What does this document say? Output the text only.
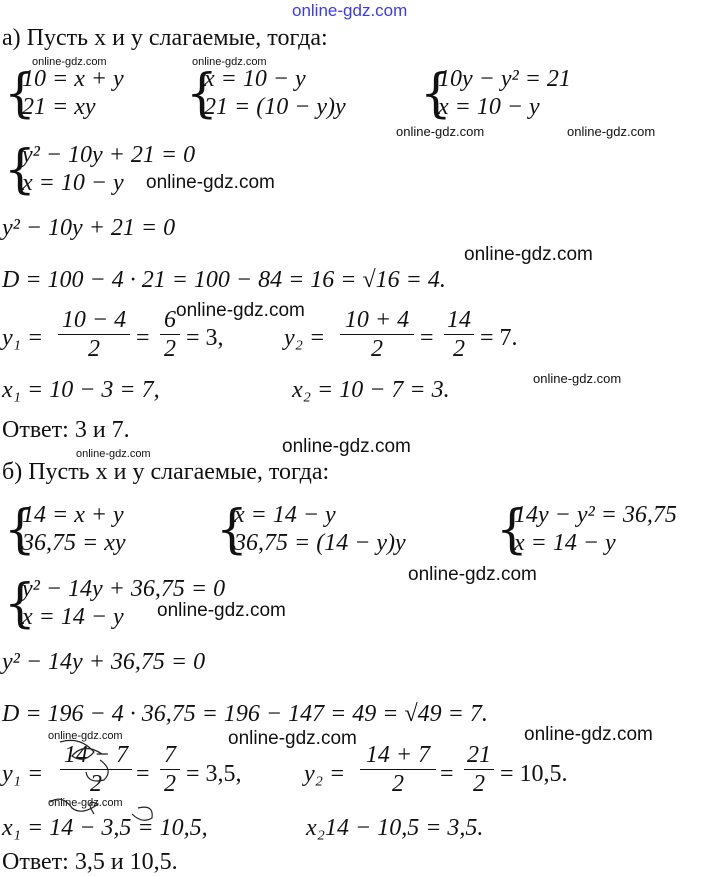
online-gdz.com
а) Пусть x и y слагаемые, тогда:
{
10 = x + y
21 = xy {
x = 10 − y
21 = (10 − y)y {
10y − y² = 21
x = 10 − y
online-gdz.com	online-gdz.com
online-gdz.com	online-gdz.com
{
y² − 10y + 21 = 0
x = 10 − y online-gdz.com
y² − 10y + 21 = 0
online-gdz.com
D = 100 − 4 · 21 = 100 − 84 = 16 = √16 = 4.
online-gdz.com
y₁ =
10 − 4
2	=
6
2 = 3,	y₂ =
10 + 4
2	=
14
2 = 7.
x₁ = 10 − 3 = 7,	x₂ = 10 − 7 = 3.	online-gdz.com
Ответ: 3 и 7.
online-gdz.com	online-gdz.com
б) Пусть x и y слагаемые, тогда:
{
14 = x + y
36,75 = xy {
x = 14 − y
36,75 = (14 − y)y {
14y − y² = 36,75
x = 14 − y
online-gdz.com
{
y² − 14y + 36,75 = 0
x = 14 − y online-gdz.com
y² − 14y + 36,75 = 0
D = 196 − 4 · 36,75 = 196 − 147 = 49 = √49 = 7.
online-gdz.com	online-gdz.com	online-gdz.com
y₁ =
14 − 7
2	=
7
2 = 3,5,	y₂ =
14 + 7
2	=
21
2 = 10,5.
online-gdz.com
x₁ = 14 − 3,5 = 10,5,	x₂14 − 10,5 = 3,5.
Ответ: 3,5 и 10,5.
